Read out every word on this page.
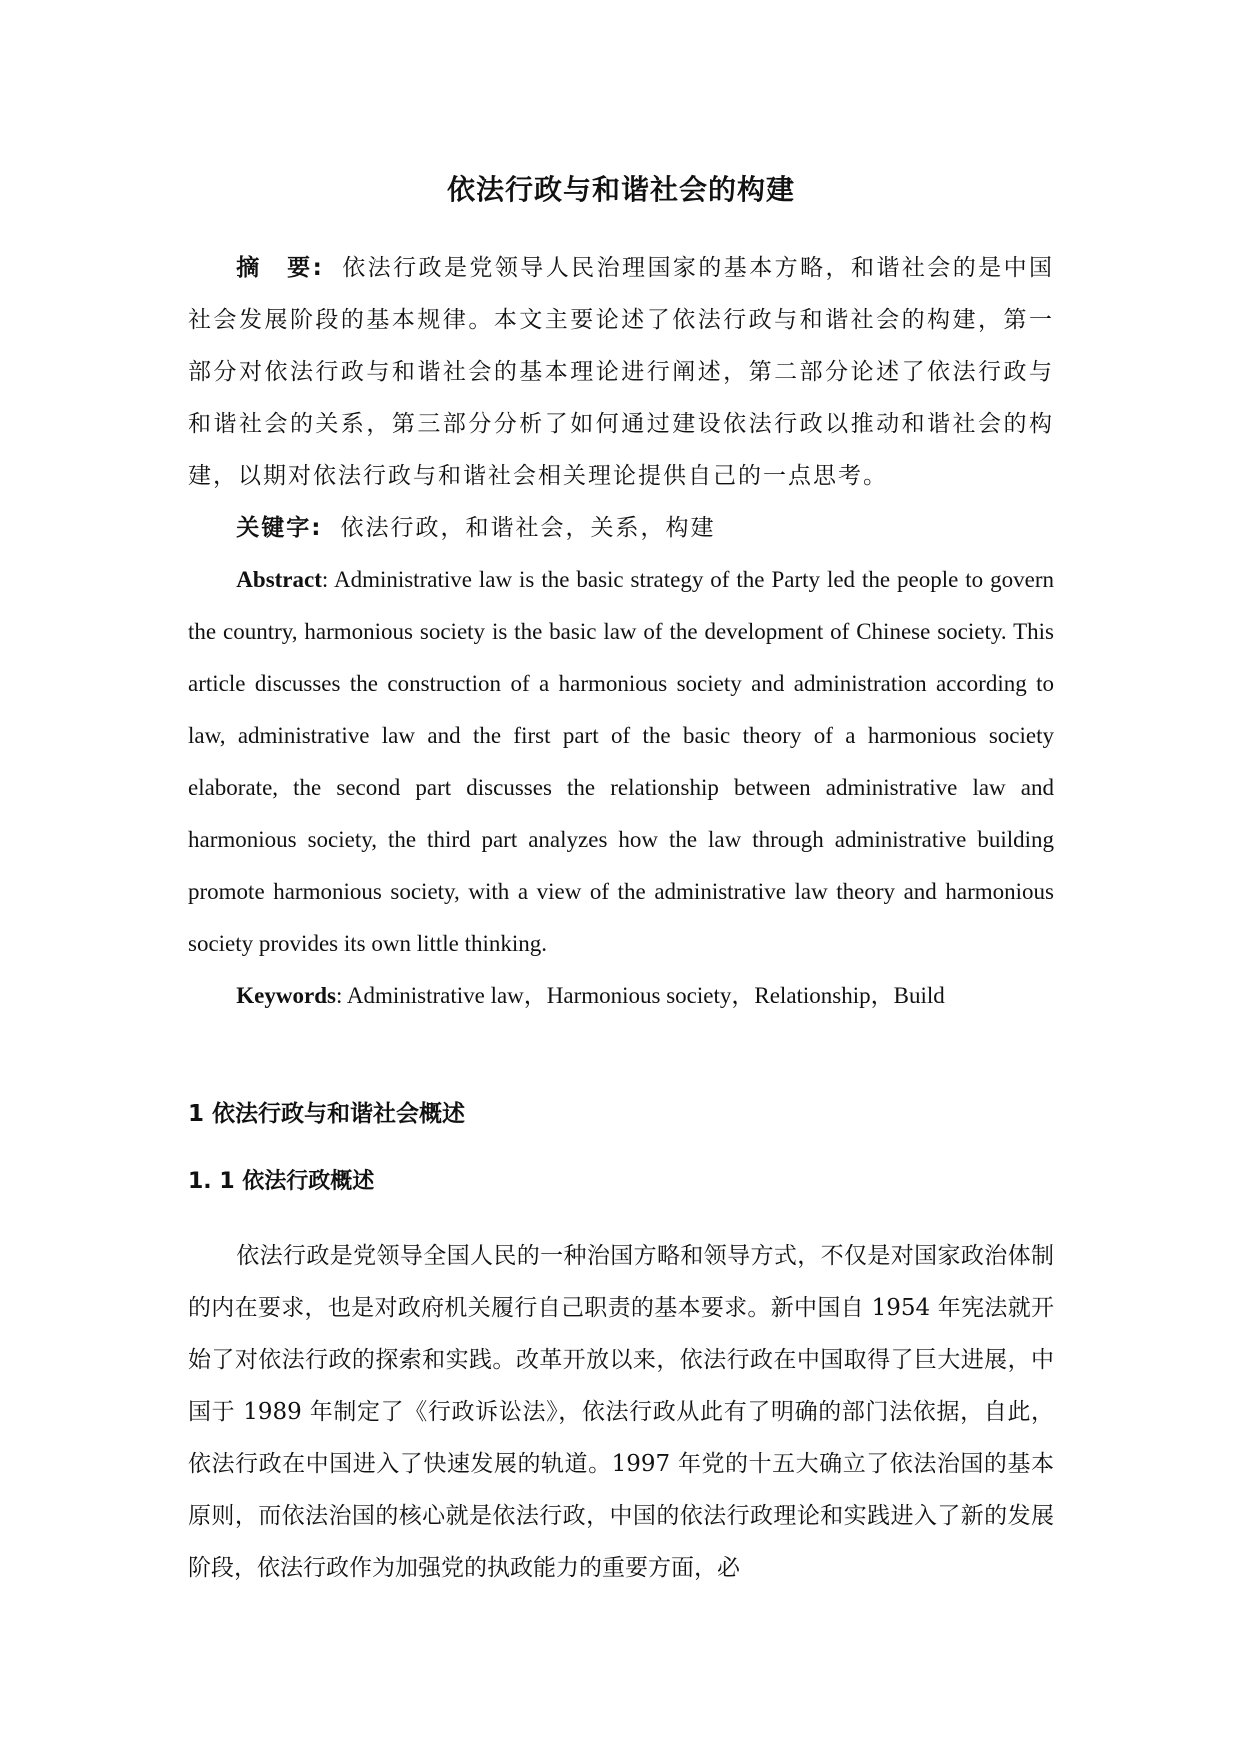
依法行政与和谐社会的构建

摘　要: 依法行政是党领导人民治理国家的基本方略，和谐社会的是中国社会发展阶段的基本规律。本文主要论述了依法行政与和谐社会的构建，第一部分对依法行政与和谐社会的基本理论进行阐述，第二部分论述了依法行政与和谐社会的关系，第三部分分析了如何通过建设依法行政以推动和谐社会的构建，以期对依法行政与和谐社会相关理论提供自己的一点思考。

关键字: 依法行政，和谐社会，关系，构建

Abstract: Administrative law is the basic strategy of the Party led the people to govern the country, harmonious society is the basic law of the development of Chinese society. This article discusses the construction of a harmonious society and administration according to law, administrative law and the first part of the basic theory of a harmonious society elaborate, the second part discusses the relationship between administrative law and harmonious society, the third part analyzes how the law through administrative building promote harmonious society, with a view of the administrative law theory and harmonious society provides its own little thinking.

Keywords: Administrative law，Harmonious society，Relationship，Build

1 依法行政与和谐社会概述
1. 1 依法行政概述

依法行政是党领导全国人民的一种治国方略和领导方式，不仅是对国家政治体制的内在要求，也是对政府机关履行自己职责的基本要求。新中国自 1954 年宪法就开始了对依法行政的探索和实践。改革开放以来，依法行政在中国取得了巨大进展，中国于 1989 年制定了《行政诉讼法》，依法行政从此有了明确的部门法依据，自此，依法行政在中国进入了快速发展的轨道。1997 年党的十五大确立了依法治国的基本原则，而依法治国的核心就是依法行政，中国的依法行政理论和实践进入了新的发展阶段，依法行政作为加强党的执政能力的重要方面，必
